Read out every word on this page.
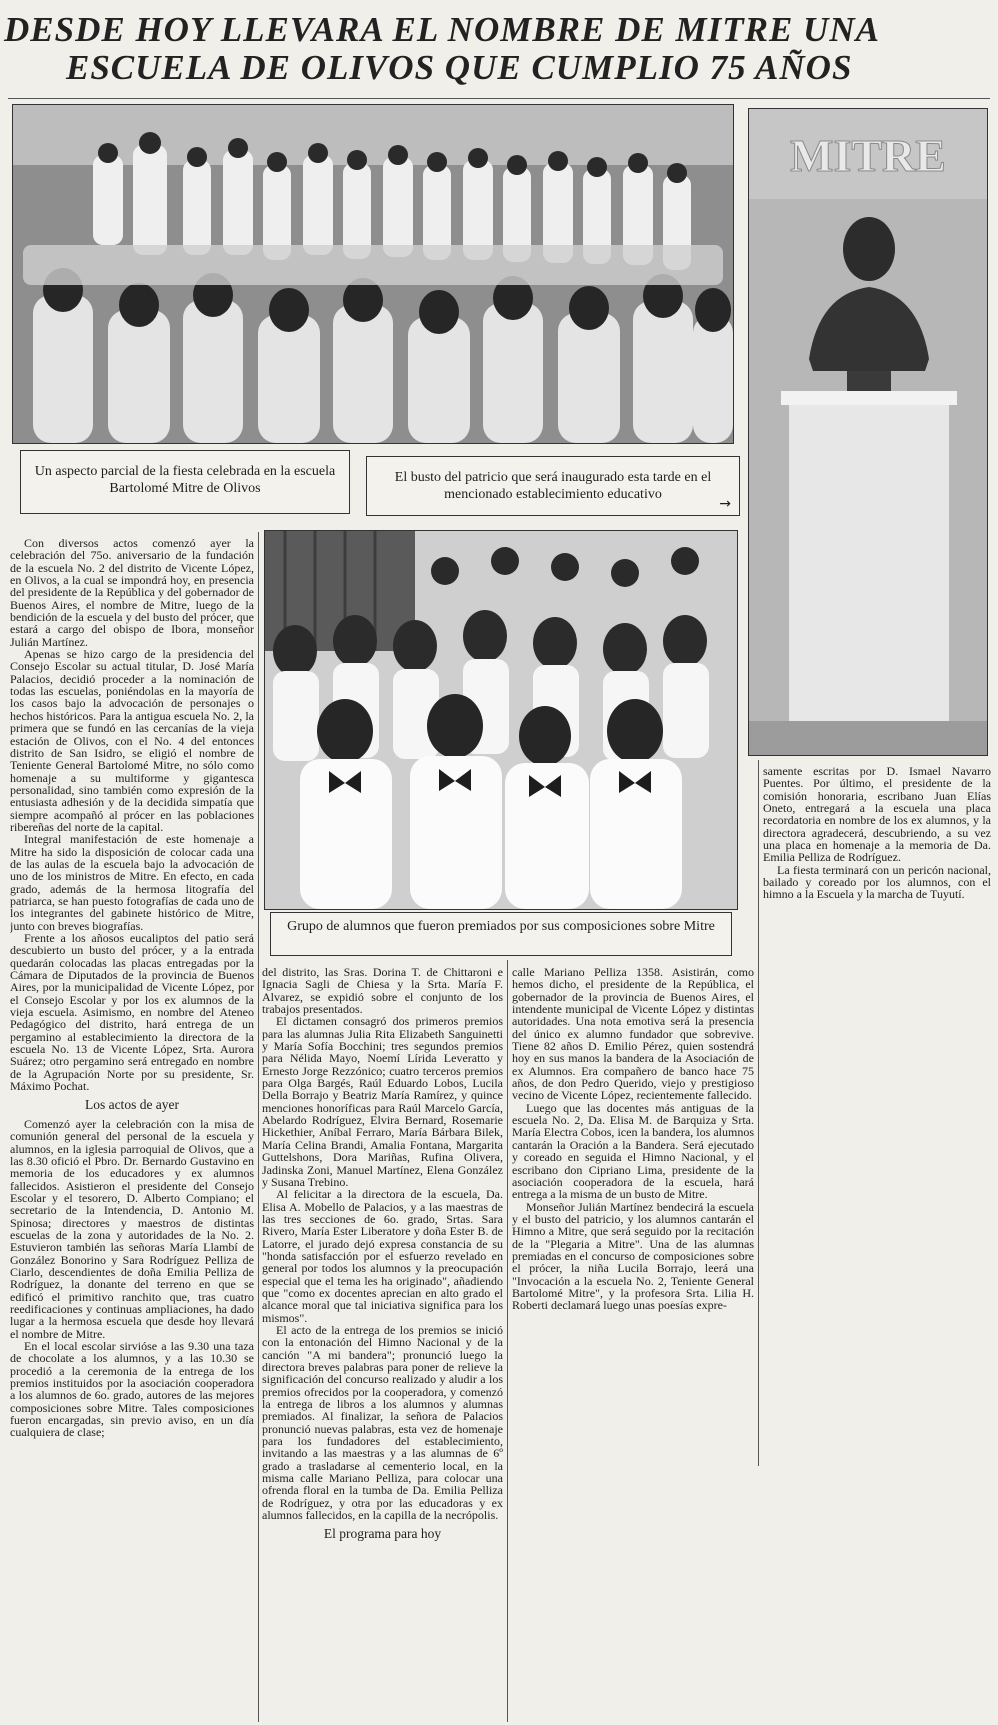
DESDE HOY LLEVARA EL NOMBRE DE MITRE UNA
ESCUELA DE OLIVOS QUE CUMPLIO 75 AÑOS
Un aspecto parcial de la fiesta celebrada en la escuela Bartolomé Mitre de Olivos
El busto del patricio que será inaugurado esta tarde en el mencionado establecimiento educativo
→
MITRE
Grupo de alumnos que fueron premiados por sus composiciones sobre Mitre

Con diversos actos comenzó ayer la celebración del 75o. aniversario de la fundación de la escuela No. 2 del distrito de Vicente López, en Olivos, a la cual se impondrá hoy, en presencia del presidente de la República y del gobernador de Buenos Aires, el nombre de Mitre, luego de la bendición de la escuela y del busto del prócer, que estará a cargo del obispo de Ibora, monseñor Julián Martínez.

Apenas se hizo cargo de la presidencia del Consejo Escolar su actual titular, D. José María Palacios, decidió proceder a la nominación de todas las escuelas, poniéndolas en la mayoría de los casos bajo la advocación de personajes o hechos históricos. Para la antigua escuela No. 2, la primera que se fundó en las cercanías de la vieja estación de Olivos, con el No. 4 del entonces distrito de San Isidro, se eligió el nombre de Teniente General Bartolomé Mitre, no sólo como homenaje a su multiforme y gigantesca personalidad, sino también como expresión de la entusiasta adhesión y de la decidida simpatía que siempre acompañó al prócer en las poblaciones ribereñas del norte de la capital.

Integral manifestación de este homenaje a Mitre ha sido la disposición de colocar cada una de las aulas de la escuela bajo la advocación de uno de los ministros de Mitre. En efecto, en cada grado, además de la hermosa litografía del patriarca, se han puesto fotografías de cada uno de los integrantes del gabinete histórico de Mitre, junto con breves biografías.

Frente a los añosos eucaliptos del patio será descubierto un busto del prócer, y a la entrada quedarán colocadas las placas entregadas por la Cámara de Diputados de la provincia de Buenos Aires, por la municipalidad de Vicente López, por el Consejo Escolar y por los ex alumnos de la vieja escuela. Asimismo, en nombre del Ateneo Pedagógico del distrito, hará entrega de un pergamino al establecimiento la directora de la escuela No. 13 de Vicente López, Srta. Aurora Suárez; otro pergamino será entregado en nombre de la Agrupación Norte por su presidente, Sr. Máximo Pochat.

Los actos de ayer

Comenzó ayer la celebración con la misa de comunión general del personal de la escuela y alumnos, en la iglesia parroquial de Olivos, que a las 8.30 ofició el Pbro. Dr. Bernardo Gustavino en memoria de los educadores y ex alumnos fallecidos. Asistieron el presidente del Consejo Escolar y el tesorero, D. Alberto Compiano; el secretario de la Intendencia, D. Antonio M. Spinosa; directores y maestros de distintas escuelas de la zona y autoridades de la No. 2. Estuvieron también las señoras María Llambí de González Bonorino y Sara Rodríguez Pelliza de Ciarlo, descendientes de doña Emilia Pelliza de Rodríguez, la donante del terreno en que se edificó el primitivo ranchito que, tras cuatro reedificaciones y continuas ampliaciones, ha dado lugar a la hermosa escuela que desde hoy llevará el nombre de Mitre.

En el local escolar sirvióse a las 9.30 una taza de chocolate a los alumnos, y a las 10.30 se procedió a la ceremonia de la entrega de los premios instituidos por la asociación cooperadora a los alumnos de 6o. grado, autores de las mejores composiciones sobre Mitre. Tales composiciones fueron encargadas, sin previo aviso, en un día cualquiera de clase;

del distrito, las Sras. Dorina T. de Chittaroni e Ignacia Sagli de Chiesa y la Srta. María F. Alvarez, se expidió sobre el conjunto de los trabajos presentados.

El dictamen consagró dos primeros premios para las alumnas Julia Rita Elizabeth Sanguinetti y María Sofía Bocchini; tres segundos premios para Nélida Mayo, Noemí Lírida Leveratto y Ernesto Jorge Rezzónico; cuatro terceros premios para Olga Bargés, Raúl Eduardo Lobos, Lucila Della Borrajo y Beatriz María Ramírez, y quince menciones honoríficas para Raúl Marcelo García, Abelardo Rodríguez, Elvira Bernard, Rosemarie Hickethier, Aníbal Ferraro, María Bárbara Bilek, María Celina Brandi, Amalia Fontana, Margarita Guttelshons, Dora Mariñas, Rufina Olivera, Jadinska Zoni, Manuel Martínez, Elena González y Susana Trebino.

Al felicitar a la directora de la escuela, Da. Elisa A. Mobello de Palacios, y a las maestras de las tres secciones de 6o. grado, Srtas. Sara Rivero, María Ester Liberatore y doña Ester B. de Latorre, el jurado dejó expresa constancia de su "honda satisfacción por el esfuerzo revelado en general por todos los alumnos y la preocupación especial que el tema les ha originado", añadiendo que "como ex docentes aprecian en alto grado el alcance moral que tal iniciativa significa para los mismos".

El acto de la entrega de los premios se inició con la entonación del Himno Nacional y de la canción "A mi bandera"; pronunció luego la directora breves palabras para poner de relieve la significación del concurso realizado y aludir a los premios ofrecidos por la cooperadora, y comenzó la entrega de libros a los alumnos y alumnas premiados. Al finalizar, la señora de Palacios pronunció nuevas palabras, esta vez de homenaje para los fundadores del establecimiento, invitando a las maestras y a las alumnas de 6º grado a trasladarse al cementerio local, en la misma calle Mariano Pelliza, para colocar una ofrenda floral en la tumba de Da. Emilia Pelliza de Rodríguez, y otra por las educadoras y ex alumnos fallecidos, en la capilla de la necrópolis.

El programa para hoy

calle Mariano Pelliza 1358. Asistirán, como hemos dicho, el presidente de la República, el gobernador de la provincia de Buenos Aires, el intendente municipal de Vicente López y distintas autoridades. Una nota emotiva será la presencia del único ex alumno fundador que sobrevive. Tiene 82 años D. Emilio Pérez, quien sostendrá hoy en sus manos la bandera de la Asociación de ex Alumnos. Era compañero de banco hace 75 años, de don Pedro Querido, viejo y prestigioso vecino de Vicente López, recientemente fallecido.

Luego que las docentes más antiguas de la escuela No. 2, Da. Elisa M. de Barquiza y Srta. María Electra Cobos, icen la bandera, los alumnos cantarán la Oración a la Bandera. Será ejecutado y coreado en seguida el Himno Nacional, y el escribano don Cipriano Lima, presidente de la asociación cooperadora de la escuela, hará entrega a la misma de un busto de Mitre.

Monseñor Julián Martínez bendecirá la escuela y el busto del patricio, y los alumnos cantarán el Himno a Mitre, que será seguido por la recitación de la "Plegaria a Mitre". Una de las alumnas premiadas en el concurso de composiciones sobre el prócer, la niña Lucila Borrajo, leerá una "Invocación a la escuela No. 2, Teniente General Bartolomé Mitre", y la profesora Srta. Lilia H. Roberti declamará luego unas poesías expre-

samente escritas por D. Ismael Navarro Puentes. Por último, el presidente de la comisión honoraria, escribano Juan Elías Oneto, entregará a la escuela una placa recordatoria en nombre de los ex alumnos, y la directora agradecerá, descubriendo, a su vez una placa en homenaje a la memoria de Da. Emilia Pelliza de Rodríguez.

La fiesta terminará con un pericón nacional, bailado y coreado por los alumnos, con el himno a la Escuela y la marcha de Tuyutí.
